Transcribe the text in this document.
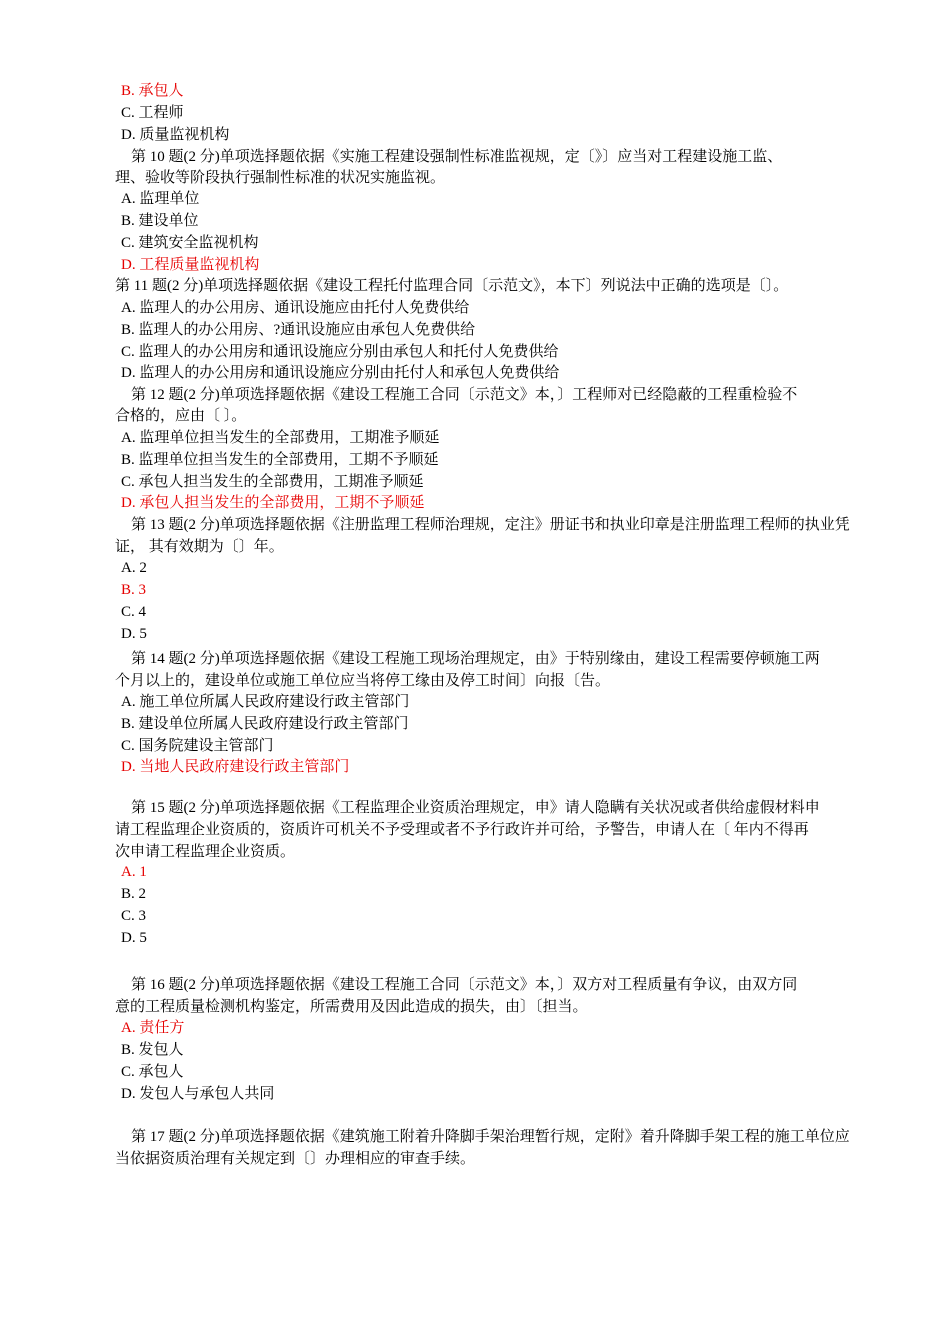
B. 承包人
C. 工程师
D. 质量监视机构
第 10 题(2 分)单项选择题依据《实施工程建设强制性标准监视规，定〔》〕应当对工程建设施工监、
理、验收等阶段执行强制性标准的状况实施监视。
A. 监理单位
B. 建设单位
C. 建筑安全监视机构
D. 工程质量监视机构
第 11 题(2 分)单项选择题依据《建设工程托付监理合同〔示范文》，本下〕列说法中正确的选项是〔〕。
A. 监理人的办公用房、通讯设施应由托付人免费供给
B. 监理人的办公用房、?通讯设施应由承包人免费供给
C. 监理人的办公用房和通讯设施应分别由承包人和托付人免费供给
D. 监理人的办公用房和通讯设施应分别由托付人和承包人免费供给
第 12 题(2 分)单项选择题依据《建设工程施工合同〔示范文》本，〕工程师对已经隐蔽的工程重检验不
合格的，应由〔 〕。
A. 监理单位担当发生的全部费用，工期准予顺延
B. 监理单位担当发生的全部费用，工期不予顺延
C. 承包人担当发生的全部费用，工期准予顺延
D. 承包人担当发生的全部费用，工期不予顺延
第 13 题(2 分)单项选择题依据《注册监理工程师治理规，定注》册证书和执业印章是注册监理工程师的执业凭
证， 其有效期为〔〕年。
A. 2
B. 3
C. 4
D. 5
第 14 题(2 分)单项选择题依据《建设工程施工现场治理规定，由》于特别缘由，建设工程需要停顿施工两
个月以上的，建设单位或施工单位应当将停工缘由及停工时间〕向报〔告。
A. 施工单位所属人民政府建设行政主管部门
B. 建设单位所属人民政府建设行政主管部门
C. 国务院建设主管部门
D. 当地人民政府建设行政主管部门
第 15 题(2 分)单项选择题依据《工程监理企业资质治理规定，申》请人隐瞒有关状况或者供给虚假材料申
请工程监理企业资质的，资质许可机关不予受理或者不予行政许并可给，予警告，申请人在〔 年内不得再
次申请工程监理企业资质。
A. 1
B. 2
C. 3
D. 5
第 16 题(2 分)单项选择题依据《建设工程施工合同〔示范文》本，〕双方对工程质量有争议，由双方同
意的工程质量检测机构鉴定，所需费用及因此造成的损失，由〕〔担当。
A. 责任方
B. 发包人
C. 承包人
D. 发包人与承包人共同
第 17 题(2 分)单项选择题依据《建筑施工附着升降脚手架治理暂行规，定附》着升降脚手架工程的施工单位应
当依据资质治理有关规定到〔〕办理相应的审查手续。
